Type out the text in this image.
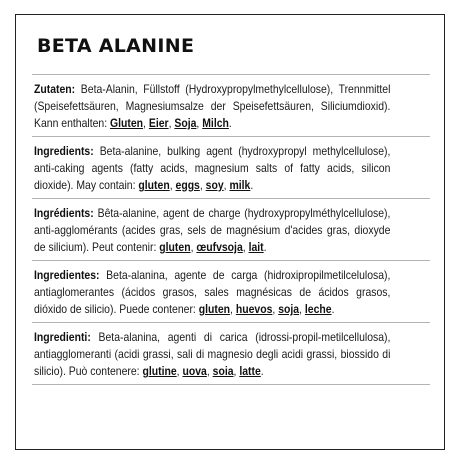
BETA ALANINE

Zutaten: Beta-Alanin, Füllstoff (Hydroxypropylmethylcellulose), Trennmittel (Speisefettsäuren, Magnesiumsalze der Speisefettsäuren, Siliciumdioxid). Kann enthalten: Gluten, Eier, Soja, Milch.

Ingredients: Beta-alanine, bulking agent (hydroxypropyl methylcellulose), anti-caking agents (fatty acids, magnesium salts of fatty acids, silicon dioxide). May contain: gluten, eggs, soy, milk.

Ingrédients: Bêta-alanine, agent de charge (hydroxypropylméthylcellulose), anti-agglomérants (acides gras, sels de magnésium d'acides gras, dioxyde de silicium). Peut contenir: gluten, œufvsoja, lait.

Ingredientes: Beta-alanina, agente de carga (hidroxipropilmetilcelulosa), antiaglomerantes (ácidos grasos, sales magnésicas de ácidos grasos, dióxido de silicio). Puede contener: gluten, huevos, soja, leche.

Ingredienti: Beta-alanina, agenti di carica (idrossi-propil-metilcellulosa), antiagglomeranti (acidi grassi, sali di magnesio degli acidi grassi, biossido di silicio). Può contenere: glutine, uova, soia, latte.
